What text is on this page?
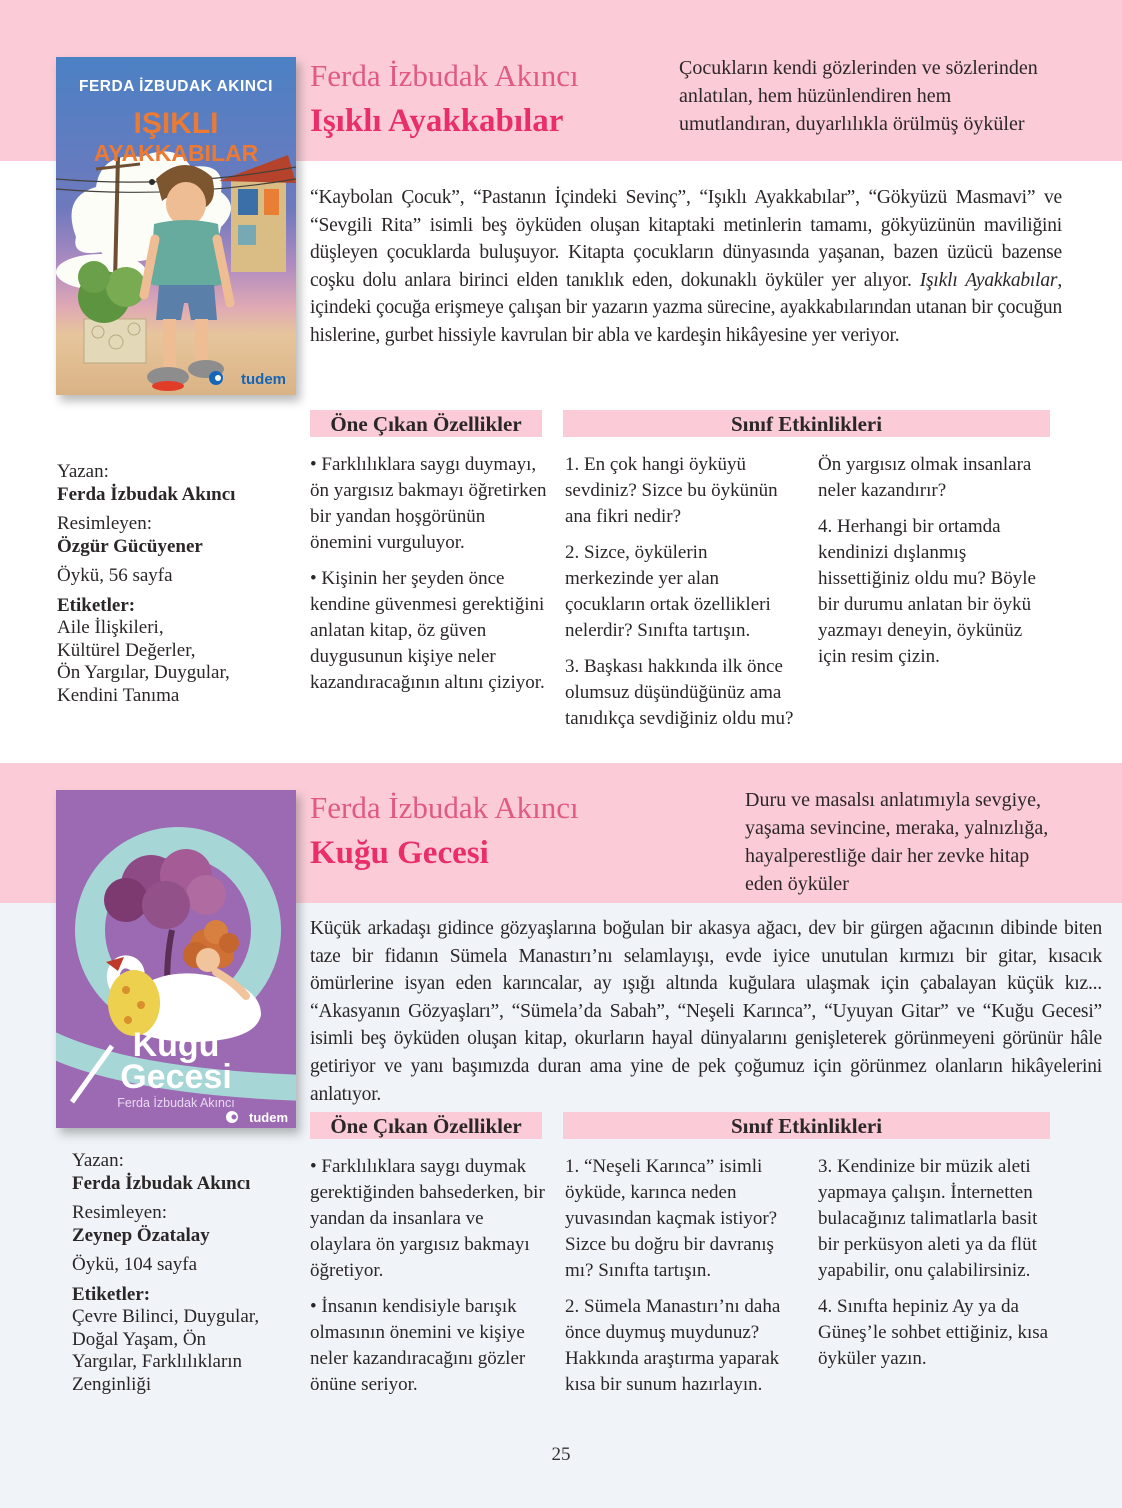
FERDA İZBUDAK AKINCI
IŞIKLI
AYAKKABILAR
tudem
Ferda İzbudak Akıncı
Işıklı Ayakkabılar
Çocukların kendi gözlerinden ve sözlerinden
anlatılan, hem hüzünlendiren hem
umutlandıran, duyarlılıkla örülmüş öyküler
“Kaybolan Çocuk”, “Pastanın İçindeki Sevinç”, “Işıklı Ayakkabılar”, “Gökyüzü Masmavi” ve “Sevgili Rita” isimli beş öyküden oluşan kitaptaki metinlerin tamamı, gökyüzünün maviliğini düşleyen çocuklarda buluşuyor. Kitapta çocukların dünyasında yaşanan, bazen üzücü bazense coşku dolu anlara birinci elden tanıklık eden, dokunaklı öyküler yer alıyor. Işıklı Ayakkabılar, içindeki çocuğa erişmeye çalışan bir yazarın yazma sürecine, ayakkabılarından utanan bir çocuğun hislerine, gurbet hissiyle kavrulan bir abla ve kardeşin hikâyesine yer veriyor.
Öne Çıkan Özellikler	Sınıf Etkinlikleri

• Farklılıklara saygı duymayı, ön yargısız bakmayı öğretirken bir yandan hoşgörünün önemini vurguluyor.

• Kişinin her şeyden önce kendine güvenmesi gerektiğini anlatan kitap, öz güven duygusunun kişiye neler kazandıracağının altını çiziyor.

1. En çok hangi öyküyü sevdiniz? Sizce bu öykünün ana fikri nedir?

2. Sizce, öykülerin merkezinde yer alan çocukların ortak özellikleri nelerdir? Sınıfta tartışın.

3. Başkası hakkında ilk önce olumsuz düşündüğünüz ama tanıdıkça sevdiğiniz oldu mu?

Ön yargısız olmak insanlara neler kazandırır?

4. Herhangi bir ortamda kendinizi dışlanmış hissettiğiniz oldu mu? Böyle bir durumu anlatan bir öykü yazmayı deneyin, öykünüz için resim çizin.

Yazan:
Ferda İzbudak Akıncı
Resimleyen:
Özgür Gücüyener
Öykü, 56 sayfa
Etiketler:
Aile İlişkileri,
Kültürel Değerler,
Ön Yargılar, Duygular,
Kendini Tanıma
Kuğu
Gecesi
Ferda İzbudak Akıncı
tudem
Ferda İzbudak Akıncı
Kuğu Gecesi
Duru ve masalsı anlatımıyla sevgiye,
yaşama sevincine, meraka, yalnızlığa,
hayalperestliğe dair her zevke hitap
eden öyküler
Küçük arkadaşı gidince gözyaşlarına boğulan bir akasya ağacı, dev bir gürgen ağacının dibinde biten taze bir fidanın Sümela Manastırı’nı selamlayışı, evde iyice unutulan kırmızı bir gitar, kısacık ömürlerine isyan eden karıncalar, ay ışığı altında kuğulara ulaşmak için çabalayan küçük kız... “Akasyanın Gözyaşları”, “Sümela’da Sabah”, “Neşeli Karınca”, “Uyuyan Gitar” ve “Kuğu Gecesi” isimli beş öyküden oluşan kitap, okurların hayal dünyalarını genişleterek görünmeyeni görünür hâle getiriyor ve yanı başımızda duran ama yine de pek çoğumuz için görünmez olanların hikâyelerini anlatıyor.
Öne Çıkan Özellikler	Sınıf Etkinlikleri

• Farklılıklara saygı duymak gerektiğinden bahsederken, bir yandan da insanlara ve olaylara ön yargısız bakmayı öğretiyor.

• İnsanın kendisiyle barışık olmasının önemini ve kişiye neler kazandıracağını gözler önüne seriyor.

1. “Neşeli Karınca” isimli öyküde, karınca neden yuvasından kaçmak istiyor? Sizce bu doğru bir davranış mı? Sınıfta tartışın.

2. Sümela Manastırı’nı daha önce duymuş muydunuz? Hakkında araştırma yaparak kısa bir sunum hazırlayın.

3. Kendinize bir müzik aleti yapmaya çalışın. İnternetten bulacağınız talimatlarla basit bir perküsyon aleti ya da flüt yapabilir, onu çalabilirsiniz.

4. Sınıfta hepiniz Ay ya da Güneş’le sohbet ettiğiniz, kısa öyküler yazın.

Yazan:
Ferda İzbudak Akıncı
Resimleyen:
Zeynep Özatalay
Öykü, 104 sayfa
Etiketler:
Çevre Bilinci, Duygular,
Doğal Yaşam, Ön
Yargılar, Farklılıkların
Zenginliği
25
